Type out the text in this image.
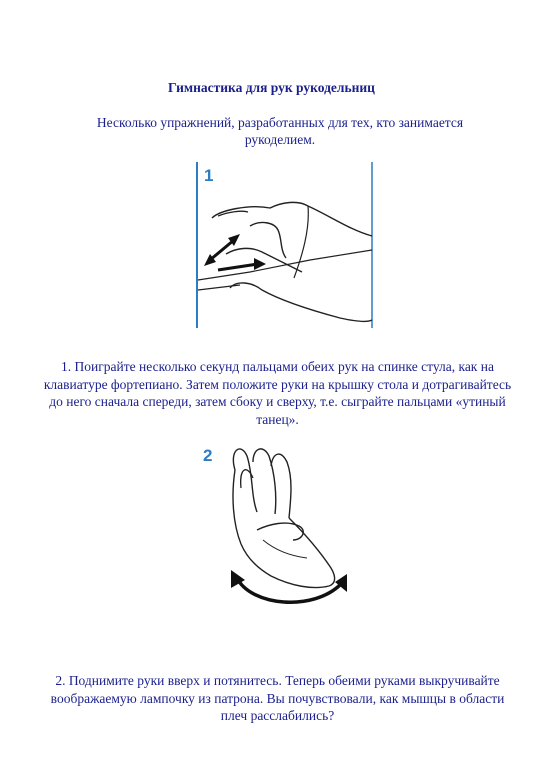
Гимнастика для рук рукодельниц
Несколько упражнений, разработанных для тех, кто занимается рукоделием.
1
1. Поиграйте несколько секунд пальцами обеих рук на спинке стула, как на клавиатуре фортепиано. Затем положите руки на крышку стола и дотрагивайтесь до него сначала спереди, затем сбоку и сверху, т.е. сыграйте пальцами «утиный танец».
2
2. Поднимите руки вверх и потянитесь. Теперь обеими руками выкручивайте воображаемую лампочку из патрона. Вы почувствовали, как мышцы в области плеч расслабились?
